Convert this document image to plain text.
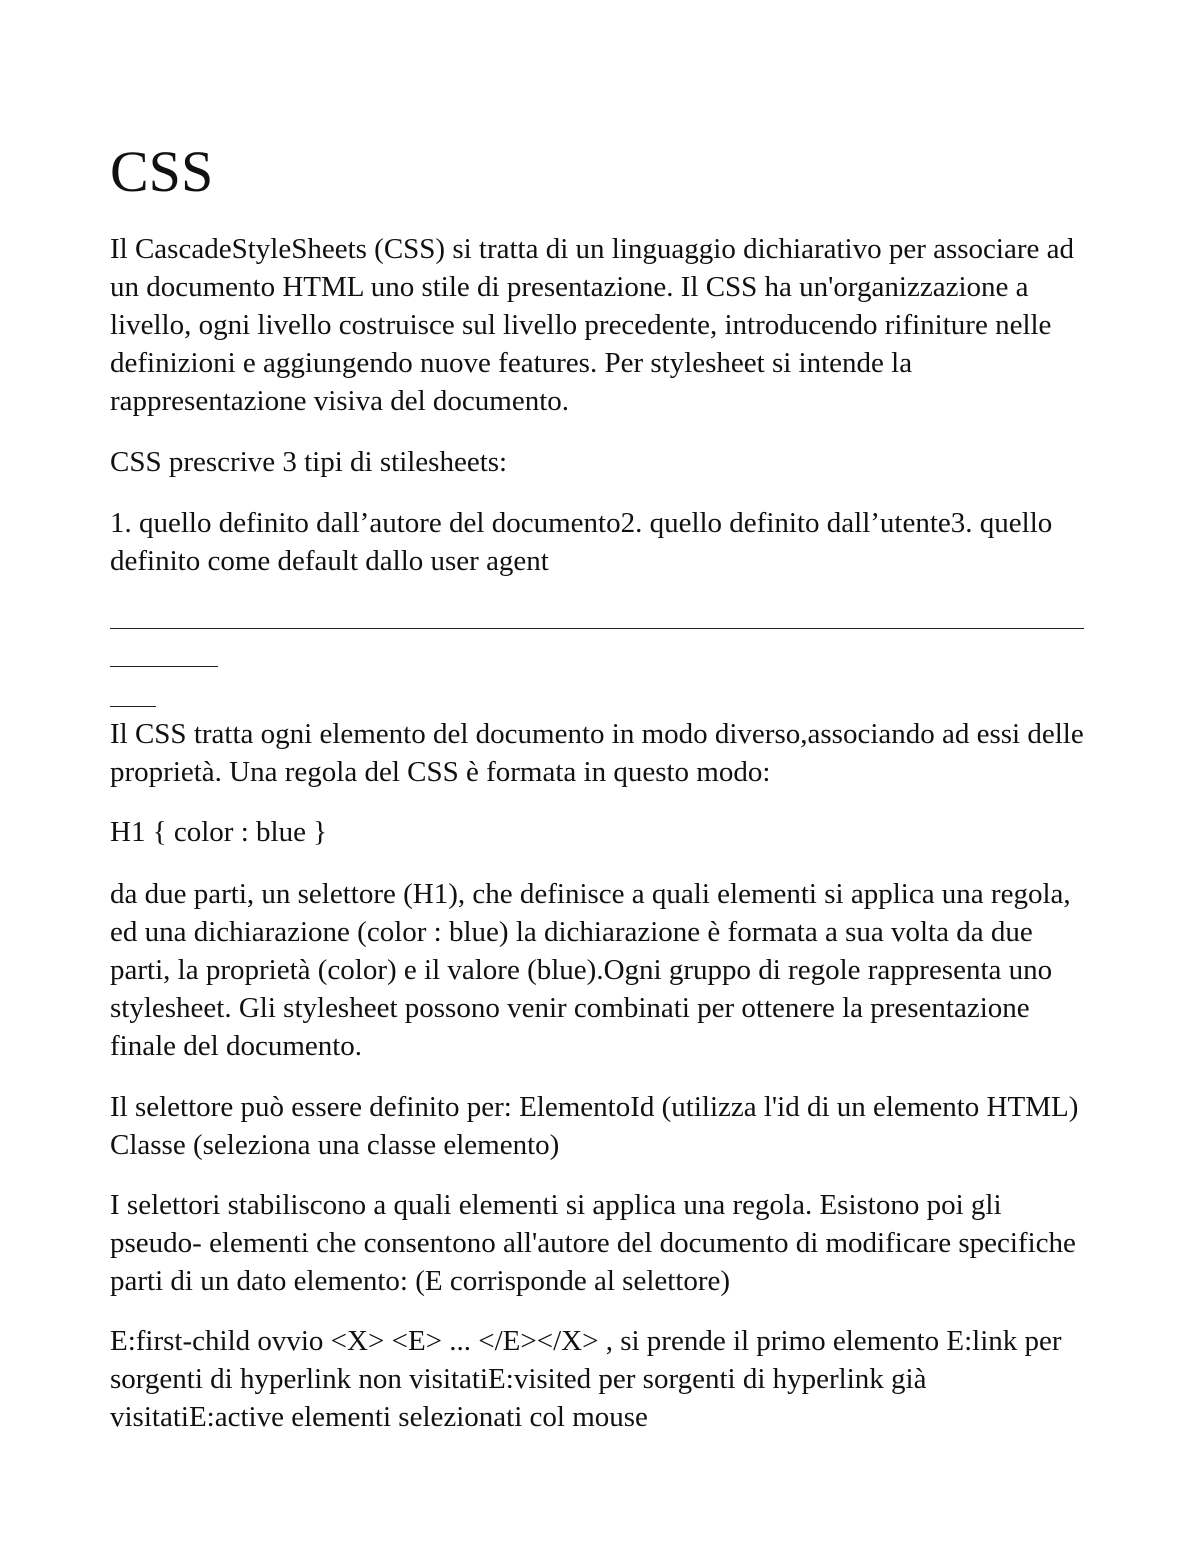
CSS

Il CascadeStyleSheets (CSS) si tratta di un linguaggio dichiarativo per associare ad un documento HTML uno stile di presentazione. Il CSS ha un'organizzazione a livello, ogni livello costruisce sul livello precedente, introducendo rifiniture nelle definizioni e aggiungendo nuove features. Per stylesheet si intende la rappresentazione visiva del documento.

CSS prescrive 3 tipi di stilesheets:

1. quello definito dall’autore del documento2. quello definito dall’utente3. quello definito come default dallo user agent

Il CSS tratta ogni elemento del documento in modo diverso,associando ad essi delle proprietà. Una regola del CSS è formata in questo modo:

H1 { color : blue }

da due parti, un selettore (H1), che definisce a quali elementi si applica una regola, ed una dichiarazione (color : blue) la dichiarazione è formata a sua volta da due parti, la proprietà (color) e il valore (blue).Ogni gruppo di regole rappresenta uno stylesheet. Gli stylesheet possono venir combinati per ottenere la presentazione finale del documento.

Il selettore può essere definito per: ElementoId (utilizza l'id di un elemento HTML) Classe (seleziona una classe elemento)

I selettori stabiliscono a quali elementi si applica una regola. Esistono poi gli pseudo- elementi che consentono all'autore del documento di modificare specifiche parti di un dato elemento: (E corrisponde al selettore)

E:first-child ovvio <X> <E> ... </E></X> , si prende il primo elemento E:link per sorgenti di hyperlink non visitatiE:visited per sorgenti di hyperlink già visitatiE:active elementi selezionati col mouse
